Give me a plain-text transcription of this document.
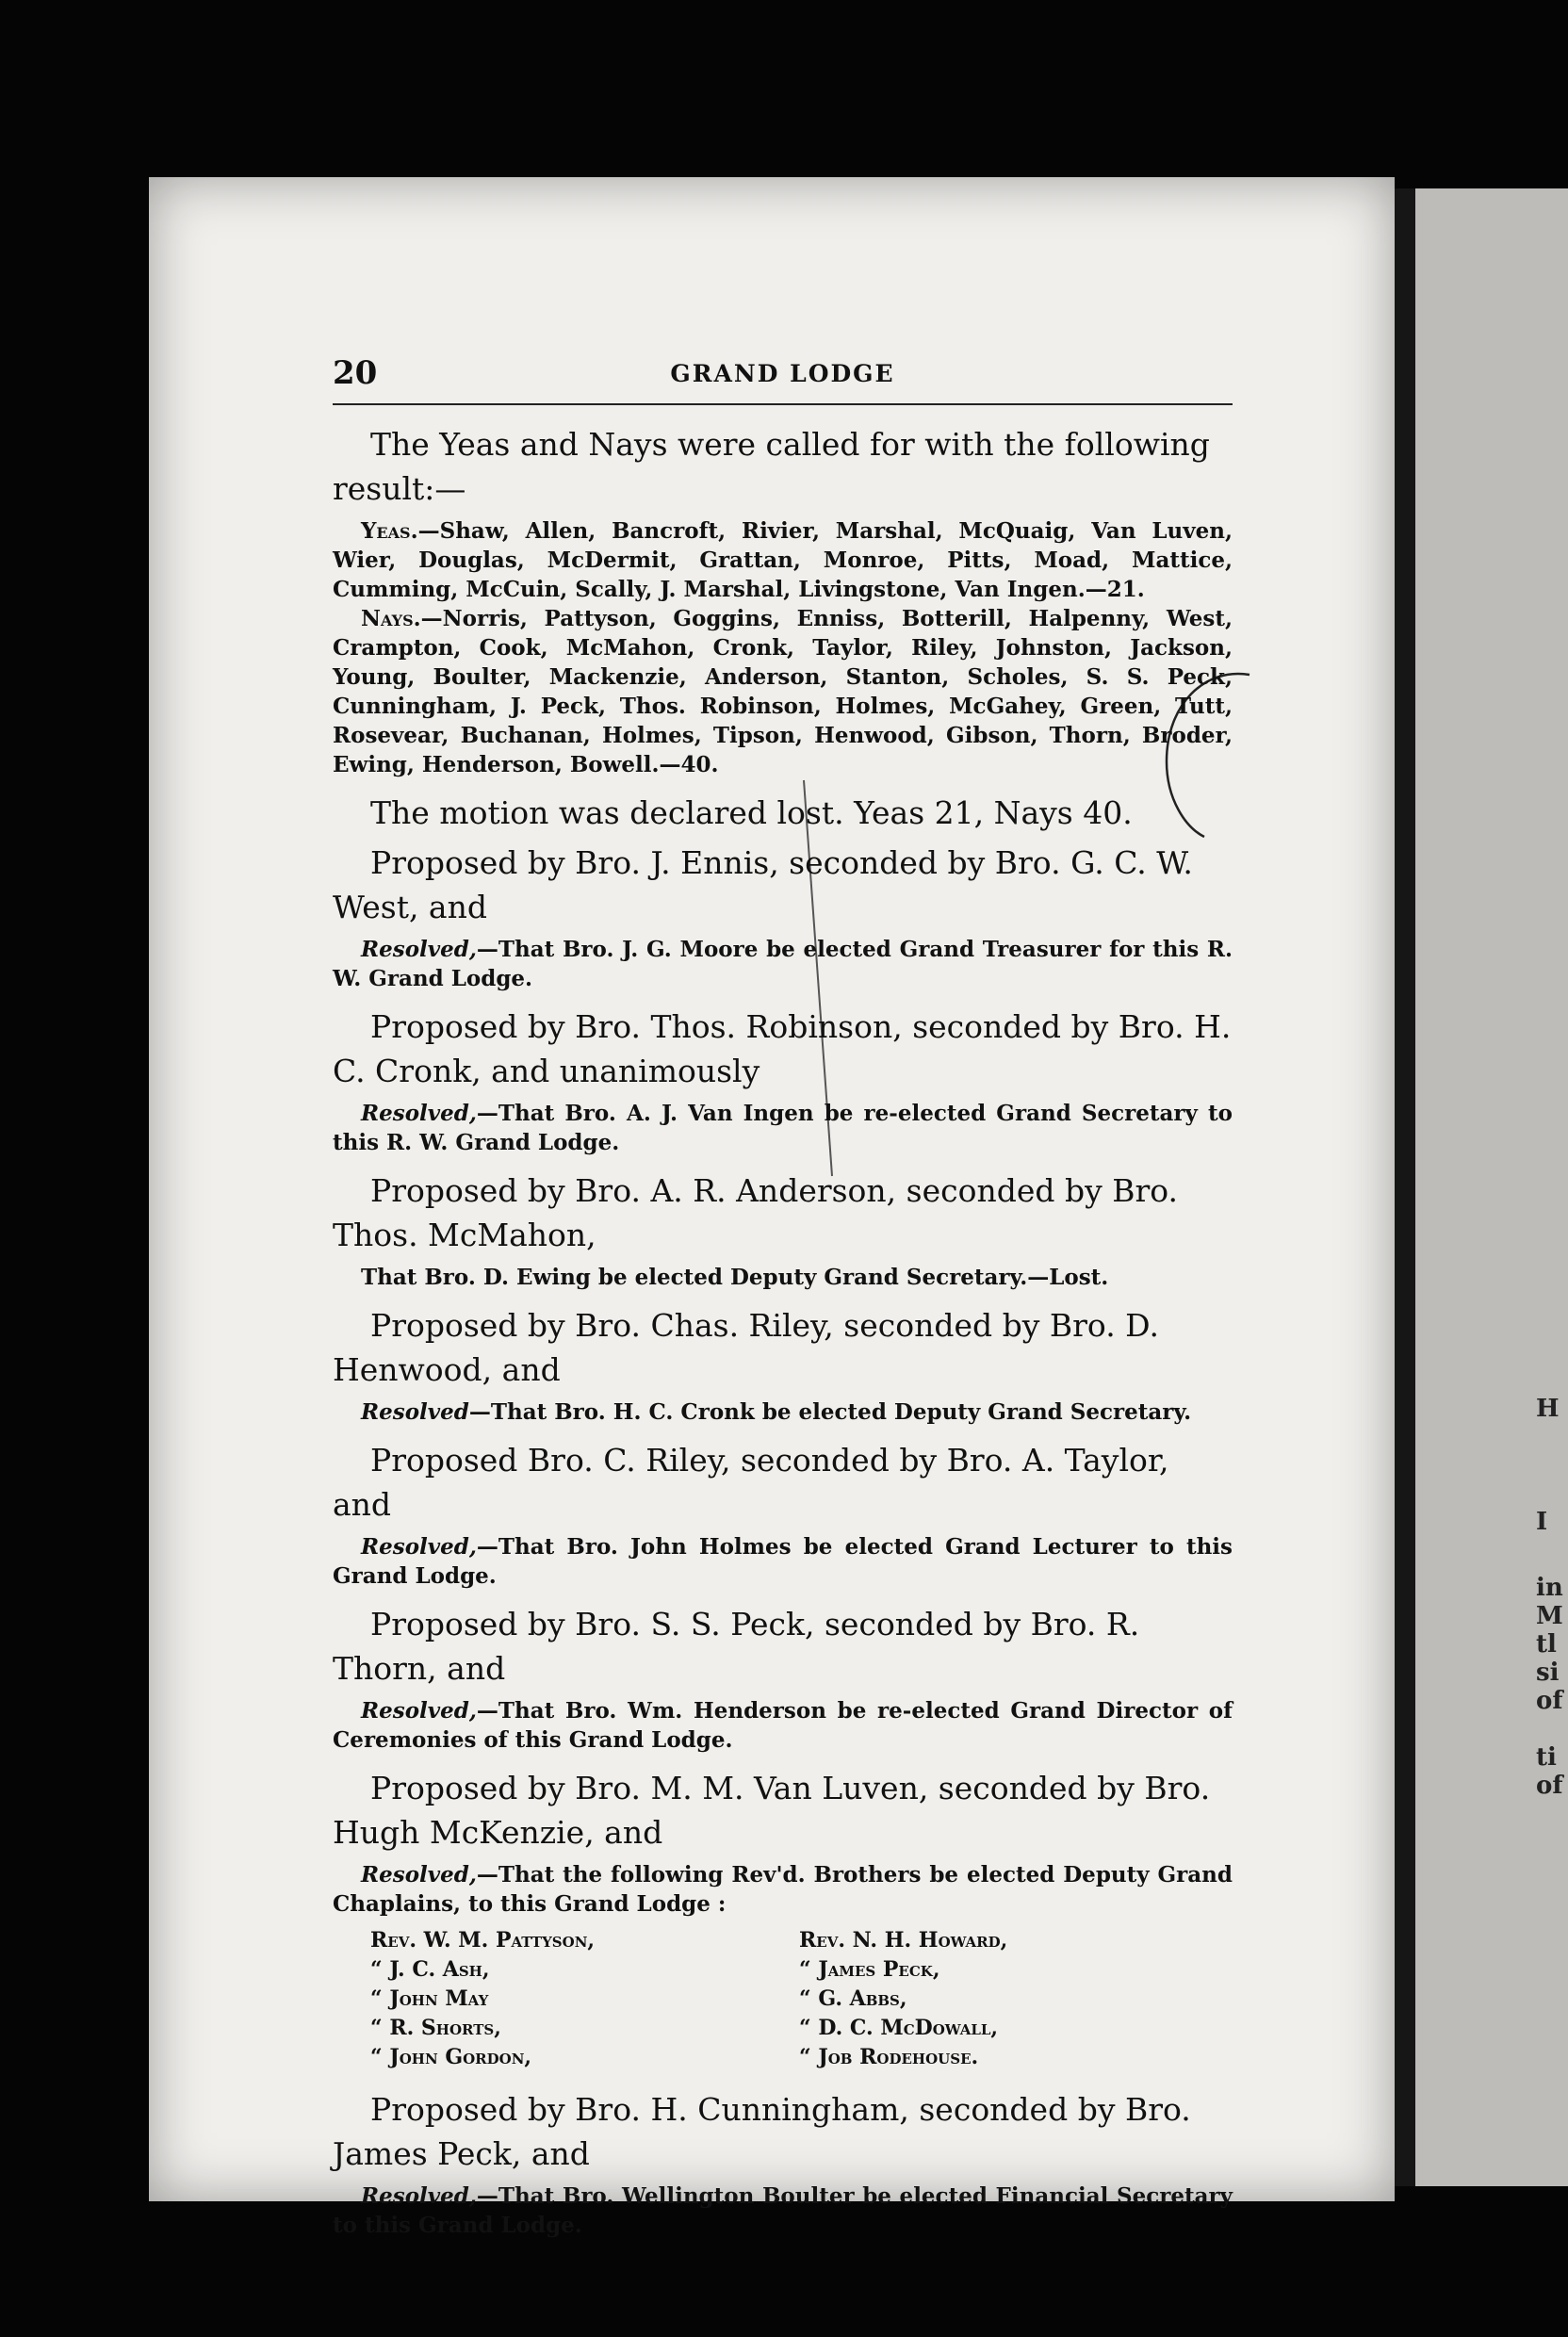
20	GRAND LODGE

The Yeas and Nays were called for with the following result:—

Yeas.—Shaw, Allen, Bancroft, Rivier, Marshal, McQuaig, Van Luven, Wier, Douglas, McDermit, Grattan, Monroe, Pitts, Moad, Mattice, Cumming, McCuin, Scally, J. Marshal, Livingstone, Van Ingen.—21.

Nays.—Norris, Pattyson, Goggins, Enniss, Botterill, Halpenny, West, Crampton, Cook, McMahon, Cronk, Taylor, Riley, Johnston, Jackson, Young, Boulter, Mackenzie, Anderson, Stanton, Scholes, S. S. Peck, Cunningham, J. Peck, Thos. Robinson, Holmes, McGahey, Green, Tutt, Rosevear, Buchanan, Holmes, Tipson, Henwood, Gibson, Thorn, Broder, Ewing, Henderson, Bowell.—40.

The motion was declared lost. Yeas 21, Nays 40.

Proposed by Bro. J. Ennis, seconded by Bro. G. C. W. West, and

Resolved,—That Bro. J. G. Moore be elected Grand Treasurer for this R. W. Grand Lodge.

Proposed by Bro. Thos. Robinson, seconded by Bro. H. C. Cronk, and unanimously

Resolved,—That Bro. A. J. Van Ingen be re-elected Grand Secretary to this R. W. Grand Lodge.

Proposed by Bro. A. R. Anderson, seconded by Bro. Thos. McMahon,

That Bro. D. Ewing be elected Deputy Grand Secretary.—Lost.

Proposed by Bro. Chas. Riley, seconded by Bro. D. Henwood, and

Resolved—That Bro. H. C. Cronk be elected Deputy Grand Secretary.

Proposed Bro. C. Riley, seconded by Bro. A. Taylor, and

Resolved,—That Bro. John Holmes be elected Grand Lecturer to this Grand Lodge.

Proposed by Bro. S. S. Peck, seconded by Bro. R. Thorn, and

Resolved,—That Bro. Wm. Henderson be re-elected Grand Director of Ceremonies of this Grand Lodge.

Proposed by Bro. M. M. Van Luven, seconded by Bro. Hugh McKenzie, and

Resolved,—That the following Rev'd. Brothers be elected Deputy Grand Chaplains, to this Grand Lodge :

Rev. W. M. Pattyson,
“ J. C. Ash,
“ John May
“ R. Shorts,
“ John Gordon,
Rev. N. H. Howard,
“ James Peck,
“ G. Abbs,
“ D. C. McDowall,
“ Job Rodehouse.

Proposed by Bro. H. Cunningham, seconded by Bro. James Peck, and

Resolved,—That Bro. Wellington Boulter be elected Financial Secretary to this Grand Lodge.

H
I
in
M
tl
si
of
ti
of
